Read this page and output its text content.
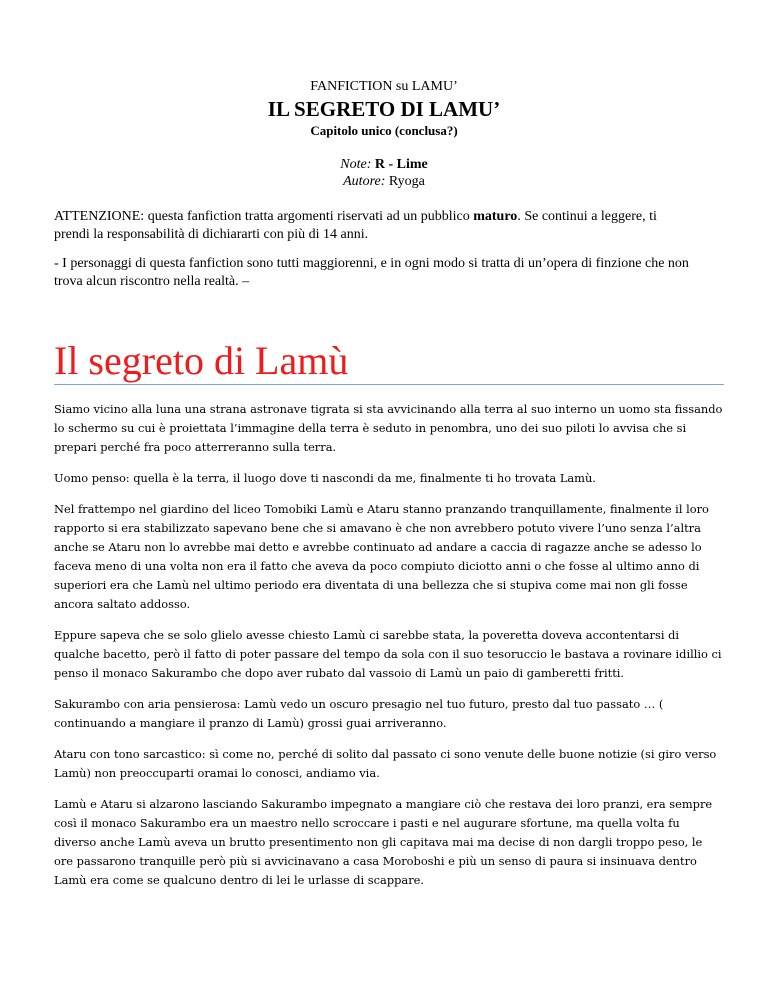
FANFICTION su LAMU’

IL SEGRETO DI LAMU’

Capitolo unico (conclusa?)

Note: R - Lime
Autore: Ryoga

ATTENZIONE: questa fanfiction tratta argomenti riservati ad un pubblico maturo. Se continui a leggere, ti prendi la responsabilità di dichiararti con più di 14 anni.

- I personaggi di questa fanfiction sono tutti maggiorenni, e in ogni modo si tratta di un’opera di finzione che non trova alcun riscontro nella realtà. –

Il segreto di Lamù

Siamo vicino alla luna una strana astronave tigrata si sta avvicinando alla terra al suo interno un uomo sta fissando lo schermo su cui è proiettata l’immagine della terra è seduto in penombra, uno dei suo piloti lo avvisa che si prepari perché fra poco atterreranno sulla terra.

Uomo penso: quella è la terra, il luogo dove ti nascondi da me, finalmente ti ho trovata Lamù.

Nel frattempo nel giardino del liceo Tomobiki Lamù e Ataru stanno pranzando tranquillamente, finalmente il loro rapporto si era stabilizzato sapevano bene che si amavano è che non avrebbero potuto vivere l’uno senza l’altra anche se Ataru non lo avrebbe mai detto e avrebbe continuato ad andare a caccia di ragazze anche se adesso lo faceva meno di una volta non era il fatto che aveva da poco compiuto diciotto anni o che fosse al ultimo anno di superiori era che Lamù nel ultimo periodo era diventata di una bellezza che si stupiva come mai non gli fosse ancora saltato addosso.

Eppure sapeva che se solo glielo avesse chiesto Lamù ci sarebbe stata, la poveretta doveva accontentarsi di qualche bacetto, però il fatto di poter passare del tempo da sola con il suo tesoruccio le bastava a rovinare idillio ci penso il monaco Sakurambo che dopo aver rubato dal vassoio di Lamù un paio di gamberetti fritti.

Sakurambo con aria pensierosa: Lamù vedo un oscuro presagio nel tuo futuro, presto dal tuo passato … ( continuando a mangiare il pranzo di Lamù) grossi guai arriveranno.

Ataru con tono sarcastico: sì come no, perché di solito dal passato ci sono venute delle buone notizie (si giro verso Lamù) non preoccuparti oramai lo conosci, andiamo via.

Lamù e Ataru si alzarono lasciando Sakurambo impegnato a mangiare ciò che restava dei loro pranzi, era sempre così il monaco Sakurambo era un maestro nello scroccare i pasti e nel augurare sfortune, ma quella volta fu diverso anche Lamù aveva un brutto presentimento non gli capitava mai ma decise di non dargli troppo peso, le ore passarono tranquille però più si avvicinavano a casa Moroboshi e più un senso di paura si insinuava dentro Lamù era come se qualcuno dentro di lei le urlasse di scappare.
